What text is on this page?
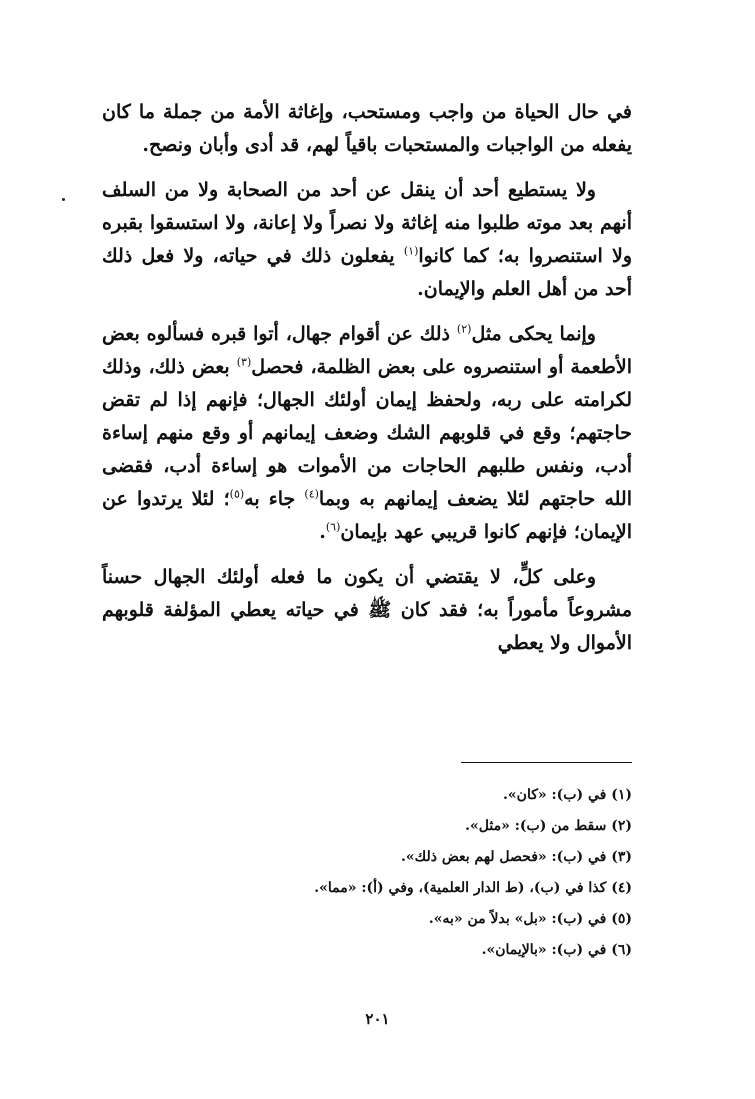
في حال الحياة من واجب ومستحب، وإغاثة الأمة من جملة ما كان يفعله من الواجبات والمستحبات باقياً لهم، قد أدى وأبان ونصح.

ولا يستطيع أحد أن ينقل عن أحد من الصحابة ولا من السلف أنهم بعد موته طلبوا منه إغاثة ولا نصراً ولا إعانة، ولا استسقوا بقبره ولا استنصروا به؛ كما كانوا$^{(١)}$ يفعلون ذلك في حياته، ولا فعل ذلك أحد من أهل العلم والإيمان.

وإنما يحكى مثل$^{(٢)}$ ذلك عن أقوام جهال، أتوا قبره فسألوه بعض الأطعمة أو استنصروه على بعض الظلمة، فحصل$^{(٣)}$ بعض ذلك، وذلك لكرامته على ربه، ولحفظ إيمان أولئك الجهال؛ فإنهم إذا لم تقض حاجتهم؛ وقع في قلوبهم الشك وضعف إيمانهم أو وقع منهم إساءة أدب، ونفس طلبهم الحاجات من الأموات هو إساءة أدب، فقضى الله حاجتهم لئلا يضعف إيمانهم به وبما$^{(٤)}$ جاء به$^{(٥)}$؛ لئلا يرتدوا عن الإيمان؛ فإنهم كانوا قريبي عهد بإيمان$^{(٦)}$.

وعلى كلٍّ، لا يقتضي أن يكون ما فعله أولئك الجهال حسناً مشروعاً مأموراً به؛ فقد كان ﷺ في حياته يعطي المؤلفة قلوبهم الأموال ولا يعطي

(١) في (ب): «كان».
(٢) سقط من (ب): «مثل».
(٣) في (ب): «فحصل لهم بعض ذلك».
(٤) كذا في (ب)، (ط الدار العلمية)، وفي (أ): «مما».
(٥) في (ب): «بل» بدلاً من «به».
(٦) في (ب): «بالإيمان».
٢٠١
